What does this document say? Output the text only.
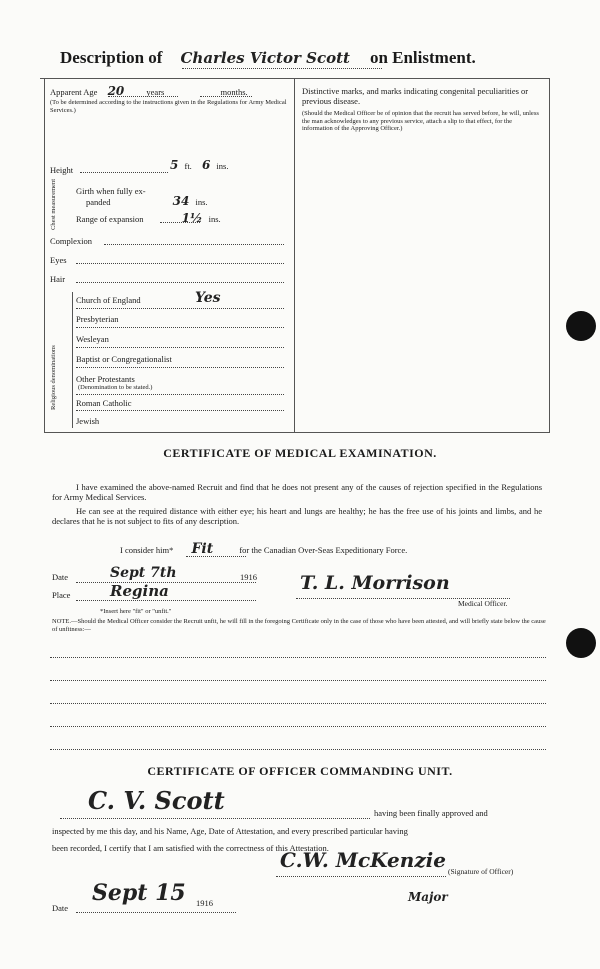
Description of Charles Victor Scott on Enlistment.
Apparent Age 20	years	months.
(To be determined according to the instructions given in the Regulations for Army Medical Services.)
Height	5 ft. 6 ins.
Chest measurement Girth when fully ex-
panded	34 ins.
Range of expansion	1½ ins.
Complexion
Eyes
Hair
Religious denominations
Church of England	Yes
Presbyterian
Wesleyan
Baptist or Congregationalist
Other Protestants
(Denomination to be stated.)
Roman Catholic
Jewish
Distinctive marks, and marks indicating congenital peculiarities or previous disease.
(Should the Medical Officer be of opinion that the recruit has served before, he will, unless the man acknowledges to any previous service, attach a slip to that effect, for the information of the Approving Officer.)
CERTIFICATE OF MEDICAL EXAMINATION.
I have examined the above-named Recruit and find that he does not present any of the causes of rejection specified in the Regulations for Army Medical Services.
He can see at the required distance with either eye; his heart and lungs are healthy; he has the free use of his joints and limbs, and he declares that he is not subject to fits of any description.
I consider him* Fit	for the Canadian Over-Seas Expeditionary Force.
Date	Sept 7th	1916
Place	Regina	T. L. Morrison
Medical Officer.
*Insert here "fit" or "unfit."
NOTE.—Should the Medical Officer consider the Recruit unfit, he will fill in the foregoing Certificate only in the case of those who have been attested, and will briefly state below the cause of unfitness:—
CERTIFICATE OF OFFICER COMMANDING UNIT.
C. V. Scott	having been finally approved and
inspected by me this day, and his Name, Age, Date of Attestation, and every prescribed particular having
been recorded, I certify that I am satisfied with the correctness of this Attestation.
C.W. McKenzie (Signature of Officer)
Major
Date
Sept 15 1916
